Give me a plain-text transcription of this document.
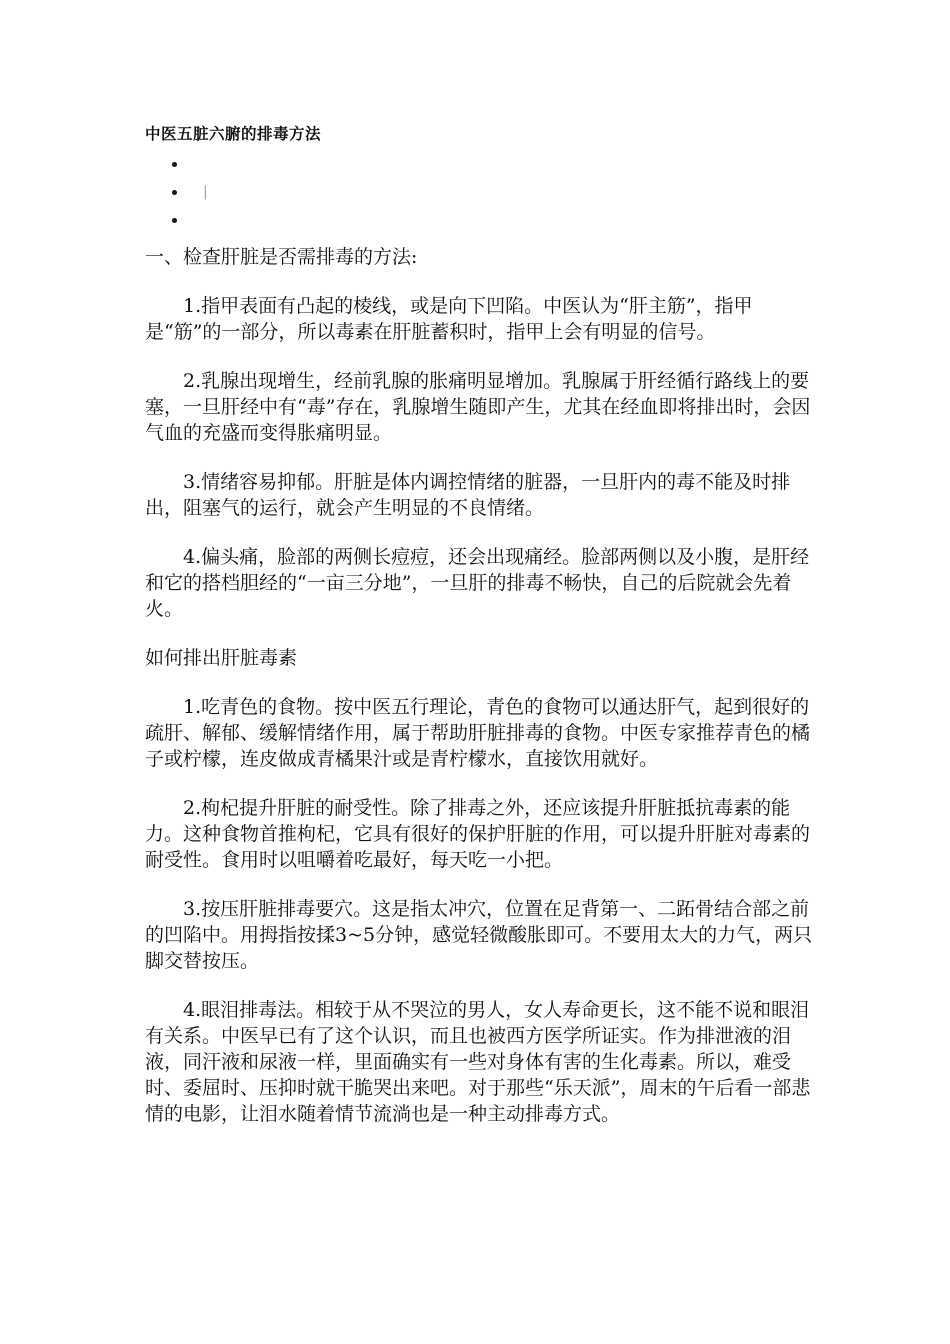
中医五脏六腑的排毒方法
|

一、检查肝脏是否需排毒的方法:

1.指甲表面有凸起的棱线，或是向下凹陷。中医认为“肝主筋”，指甲是“筋”的一部分，所以毒素在肝脏蓄积时，指甲上会有明显的信号。

2.乳腺出现增生，经前乳腺的胀痛明显增加。乳腺属于肝经循行路线上的要塞，一旦肝经中有“毒”存在，乳腺增生随即产生，尤其在经血即将排出时，会因气血的充盛而变得胀痛明显。

3.情绪容易抑郁。肝脏是体内调控情绪的脏器，一旦肝内的毒不能及时排出，阻塞气的运行，就会产生明显的不良情绪。

4.偏头痛，脸部的两侧长痘痘，还会出现痛经。脸部两侧以及小腹，是肝经和它的搭档胆经的“一亩三分地”，一旦肝的排毒不畅快，自己的后院就会先着火。

如何排出肝脏毒素

1.吃青色的食物。按中医五行理论，青色的食物可以通达肝气，起到很好的疏肝、解郁、缓解情绪作用，属于帮助肝脏排毒的食物。中医专家推荐青色的橘子或柠檬，连皮做成青橘果汁或是青柠檬水，直接饮用就好。

2.枸杞提升肝脏的耐受性。除了排毒之外，还应该提升肝脏抵抗毒素的能力。这种食物首推枸杞，它具有很好的保护肝脏的作用，可以提升肝脏对毒素的耐受性。食用时以咀嚼着吃最好，每天吃一小把。

3.按压肝脏排毒要穴。这是指太冲穴，位置在足背第一、二跖骨结合部之前的凹陷中。用拇指按揉3~5分钟，感觉轻微酸胀即可。不要用太大的力气，两只脚交替按压。

4.眼泪排毒法。相较于从不哭泣的男人，女人寿命更长，这不能不说和眼泪有关系。中医早已有了这个认识，而且也被西方医学所证实。作为排泄液的泪液，同汗液和尿液一样，里面确实有一些对身体有害的生化毒素。所以，难受时、委屈时、压抑时就干脆哭出来吧。对于那些“乐天派”，周末的午后看一部悲情的电影，让泪水随着情节流淌也是一种主动排毒方式。
